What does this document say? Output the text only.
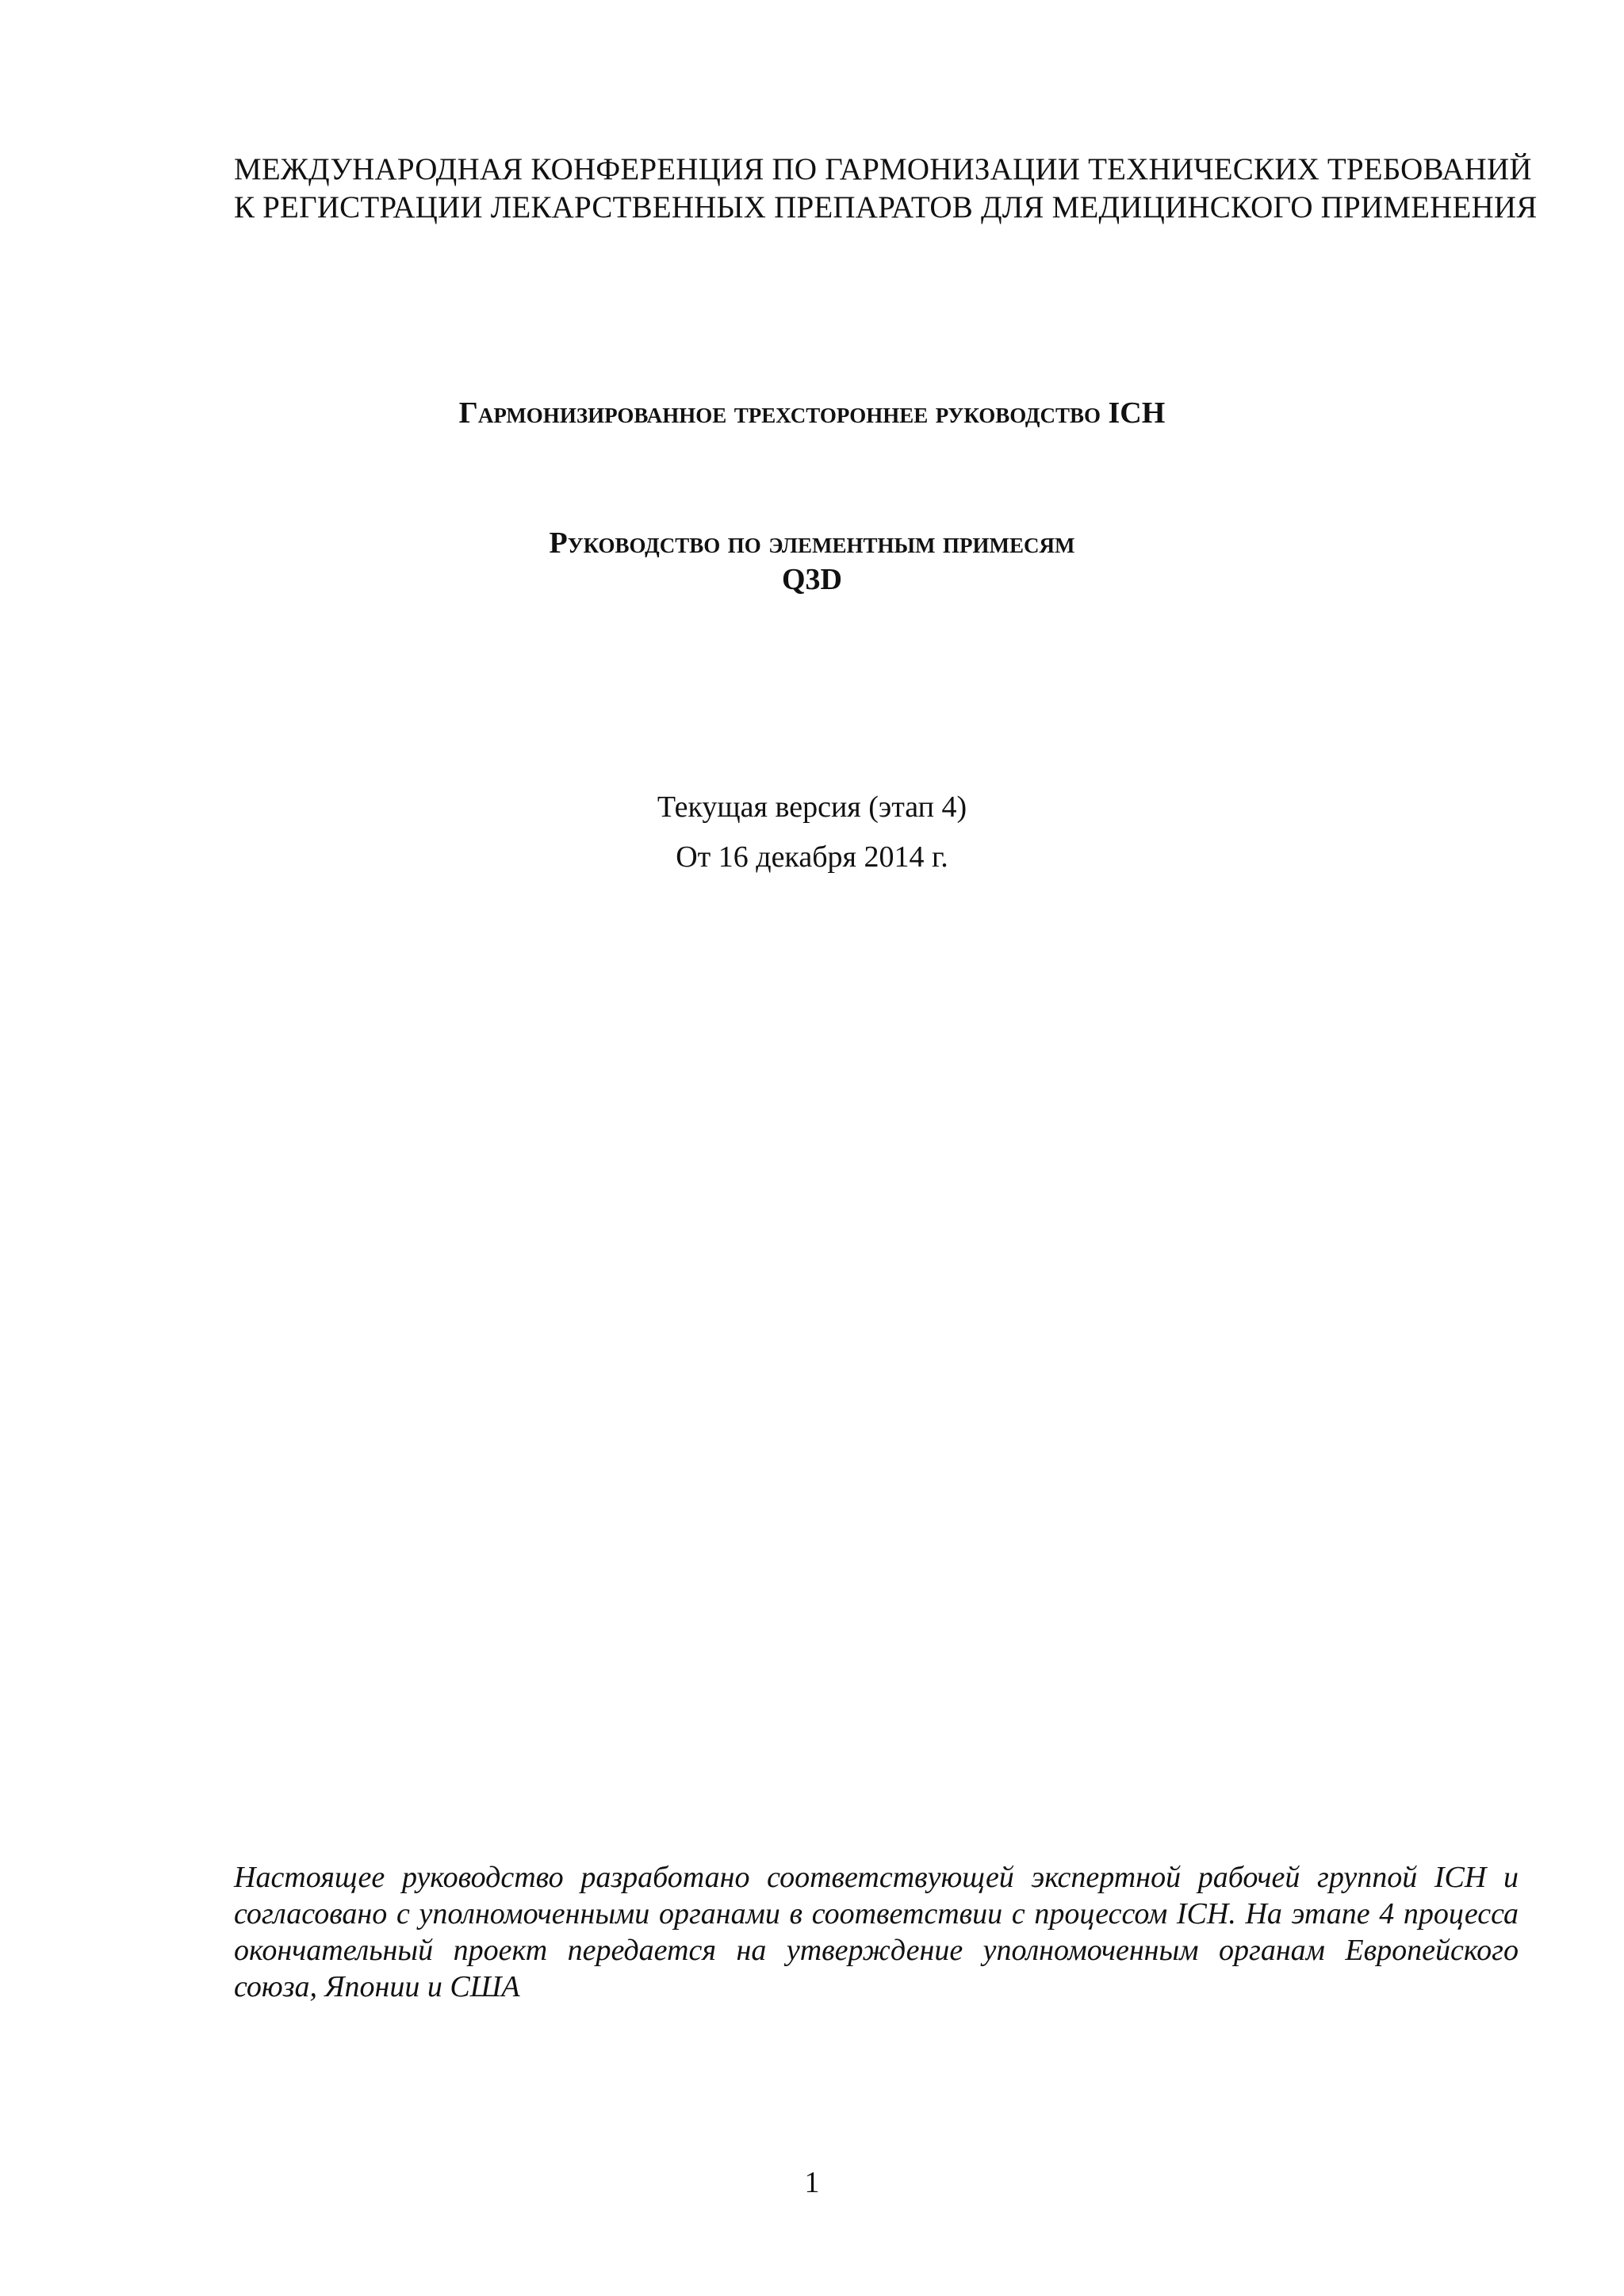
МЕЖДУНАРОДНАЯ КОНФЕРЕНЦИЯ ПО ГАРМОНИЗАЦИИ ТЕХНИЧЕСКИХ ТРЕБОВАНИЙ
К РЕГИСТРАЦИИ ЛЕКАРСТВЕННЫХ ПРЕПАРАТОВ ДЛЯ МЕДИЦИНСКОГО ПРИМЕНЕНИЯ
Гармонизированное трехстороннее руководство ICH
Руководство по элементным примесям
Q3D
Текущая версия (этап 4)
От 16 декабря 2014 г.
Настоящее руководство разработано соответствующей экспертной рабочей группой ICH и
согласовано с уполномоченными органами в соответствии с процессом ICH. На этапе 4 процесса
окончательный проект передается на утверждение уполномоченным органам Европейского
союза, Японии и США
1
